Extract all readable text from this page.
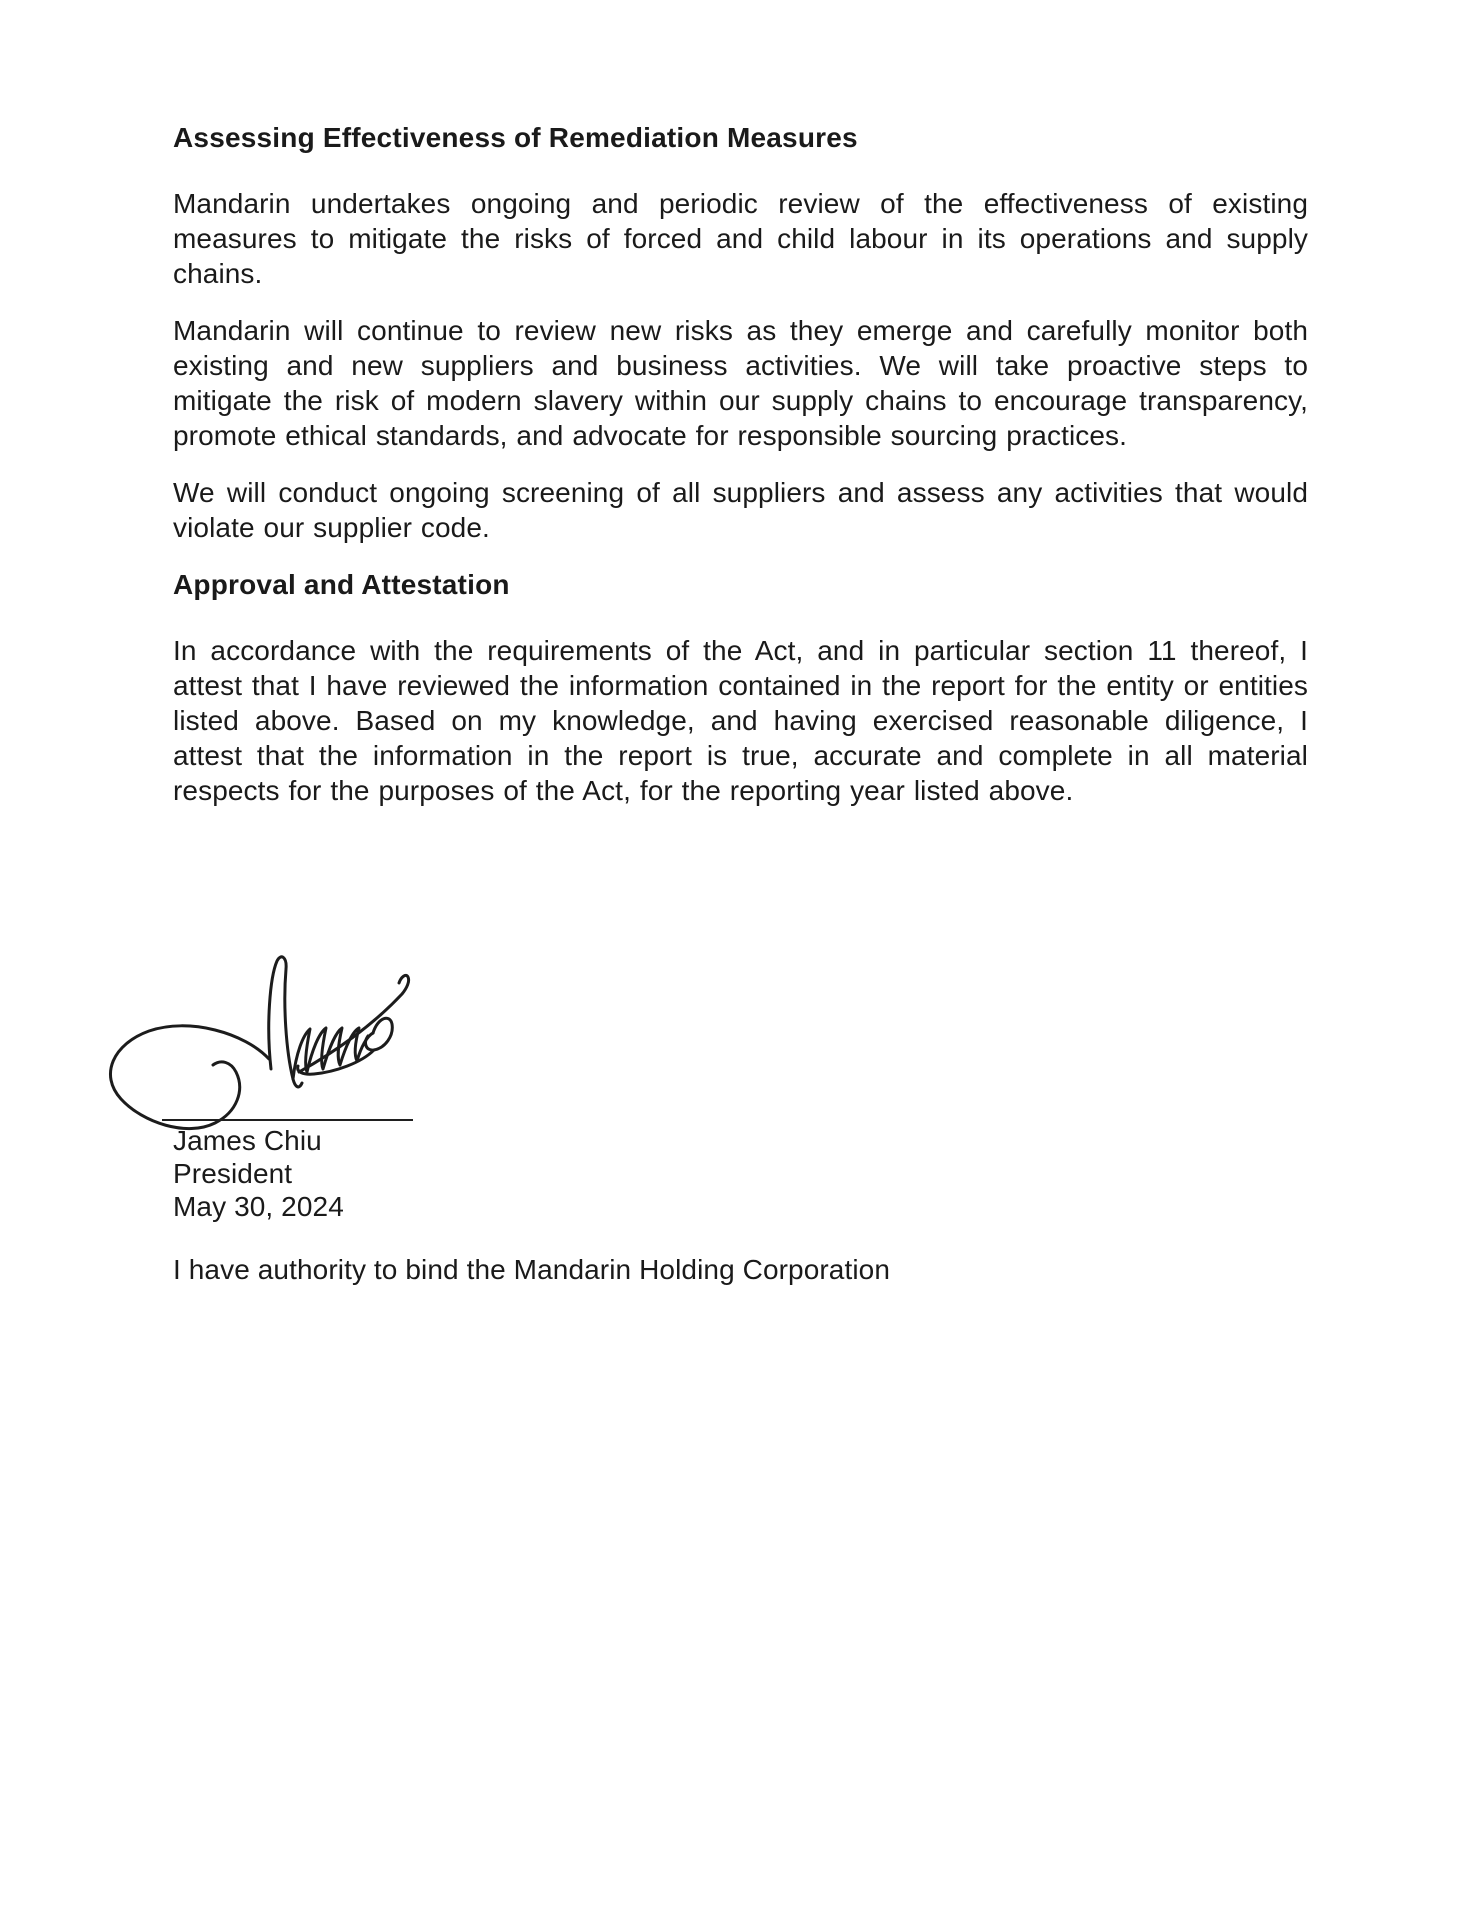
Assessing Effectiveness of Remediation Measures

Mandarin undertakes ongoing and periodic review of the effectiveness of existing measures to mitigate the risks of forced and child labour in its operations and supply chains.

Mandarin will continue to review new risks as they emerge and carefully monitor both existing and new suppliers and business activities. We will take proactive steps to mitigate the risk of modern slavery within our supply chains to encourage transparency, promote ethical standards, and advocate for responsible sourcing practices.

We will conduct ongoing screening of all suppliers and assess any activities that would violate our supplier code.

Approval and Attestation

In accordance with the requirements of the Act, and in particular section 11 thereof, I attest that I have reviewed the information contained in the report for the entity or entities listed above. Based on my knowledge, and having exercised reasonable diligence, I attest that the information in the report is true, accurate and complete in all material respects for the purposes of the Act, for the reporting year listed above.

James Chiu
President
May 30, 2024
I have authority to bind the Mandarin Holding Corporation
